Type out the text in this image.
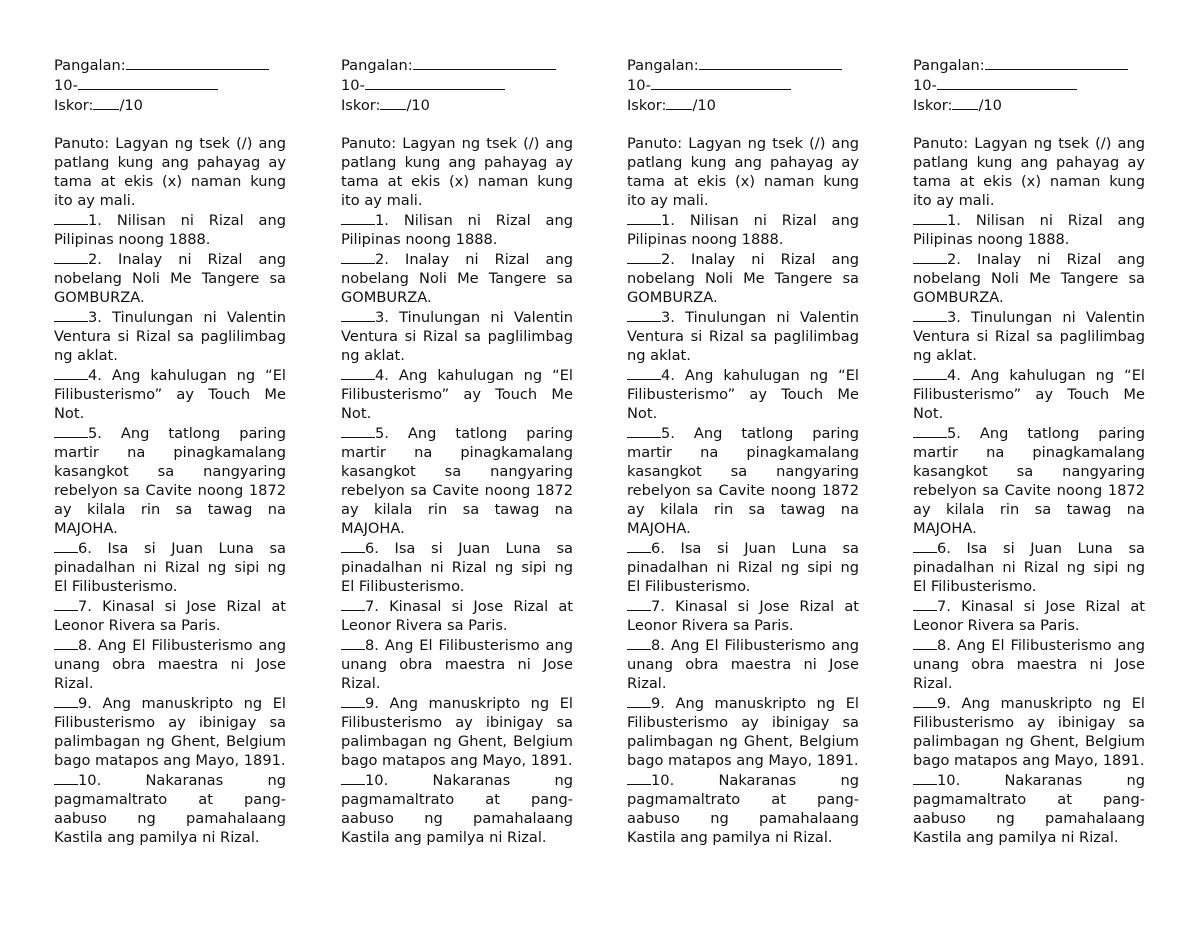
Pangalan:
10-
Iskor: /10
Panuto: Lagyan ng tsek (/) ang patlang kung ang pahayag ay tama at ekis (x) naman kung ito ay mali.
1. Nilisan ni Rizal ang Pilipinas noong 1888.
2. Inalay ni Rizal ang nobelang Noli Me Tangere sa GOMBURZA.
3. Tinulungan ni Valentin Ventura si Rizal sa paglilimbag ng aklat.
4. Ang kahulugan ng “El Filibusterismo” ay Touch Me Not.
5. Ang tatlong paring martir na pinagkamalang kasangkot sa nangyaring rebelyon sa Cavite noong 1872 ay kilala rin sa tawag na MAJOHA.
6. Isa si Juan Luna sa pinadalhan ni Rizal ng sipi ng El Filibusterismo.
7. Kinasal si Jose Rizal at Leonor Rivera sa Paris.
8. Ang El Filibusterismo ang unang obra maestra ni Jose Rizal.
9. Ang manuskripto ng El Filibusterismo ay ibinigay sa palimbagan ng Ghent, Belgium bago matapos ang Mayo, 1891.
10. Nakaranas ng pagmamaltrato at pang-aabuso ng pamahalaang Kastila ang pamilya ni Rizal.
Pangalan:
10-
Iskor: /10
Panuto: Lagyan ng tsek (/) ang patlang kung ang pahayag ay tama at ekis (x) naman kung ito ay mali.
1. Nilisan ni Rizal ang Pilipinas noong 1888.
2. Inalay ni Rizal ang nobelang Noli Me Tangere sa GOMBURZA.
3. Tinulungan ni Valentin Ventura si Rizal sa paglilimbag ng aklat.
4. Ang kahulugan ng “El Filibusterismo” ay Touch Me Not.
5. Ang tatlong paring martir na pinagkamalang kasangkot sa nangyaring rebelyon sa Cavite noong 1872 ay kilala rin sa tawag na MAJOHA.
6. Isa si Juan Luna sa pinadalhan ni Rizal ng sipi ng El Filibusterismo.
7. Kinasal si Jose Rizal at Leonor Rivera sa Paris.
8. Ang El Filibusterismo ang unang obra maestra ni Jose Rizal.
9. Ang manuskripto ng El Filibusterismo ay ibinigay sa palimbagan ng Ghent, Belgium bago matapos ang Mayo, 1891.
10. Nakaranas ng pagmamaltrato at pang-aabuso ng pamahalaang Kastila ang pamilya ni Rizal.
Pangalan:
10-
Iskor: /10
Panuto: Lagyan ng tsek (/) ang patlang kung ang pahayag ay tama at ekis (x) naman kung ito ay mali.
1. Nilisan ni Rizal ang Pilipinas noong 1888.
2. Inalay ni Rizal ang nobelang Noli Me Tangere sa GOMBURZA.
3. Tinulungan ni Valentin Ventura si Rizal sa paglilimbag ng aklat.
4. Ang kahulugan ng “El Filibusterismo” ay Touch Me Not.
5. Ang tatlong paring martir na pinagkamalang kasangkot sa nangyaring rebelyon sa Cavite noong 1872 ay kilala rin sa tawag na MAJOHA.
6. Isa si Juan Luna sa pinadalhan ni Rizal ng sipi ng El Filibusterismo.
7. Kinasal si Jose Rizal at Leonor Rivera sa Paris.
8. Ang El Filibusterismo ang unang obra maestra ni Jose Rizal.
9. Ang manuskripto ng El Filibusterismo ay ibinigay sa palimbagan ng Ghent, Belgium bago matapos ang Mayo, 1891.
10. Nakaranas ng pagmamaltrato at pang-aabuso ng pamahalaang Kastila ang pamilya ni Rizal.
Pangalan:
10-
Iskor: /10
Panuto: Lagyan ng tsek (/) ang patlang kung ang pahayag ay tama at ekis (x) naman kung ito ay mali.
1. Nilisan ni Rizal ang Pilipinas noong 1888.
2. Inalay ni Rizal ang nobelang Noli Me Tangere sa GOMBURZA.
3. Tinulungan ni Valentin Ventura si Rizal sa paglilimbag ng aklat.
4. Ang kahulugan ng “El Filibusterismo” ay Touch Me Not.
5. Ang tatlong paring martir na pinagkamalang kasangkot sa nangyaring rebelyon sa Cavite noong 1872 ay kilala rin sa tawag na MAJOHA.
6. Isa si Juan Luna sa pinadalhan ni Rizal ng sipi ng El Filibusterismo.
7. Kinasal si Jose Rizal at Leonor Rivera sa Paris.
8. Ang El Filibusterismo ang unang obra maestra ni Jose Rizal.
9. Ang manuskripto ng El Filibusterismo ay ibinigay sa palimbagan ng Ghent, Belgium bago matapos ang Mayo, 1891.
10. Nakaranas ng pagmamaltrato at pang-aabuso ng pamahalaang Kastila ang pamilya ni Rizal.
